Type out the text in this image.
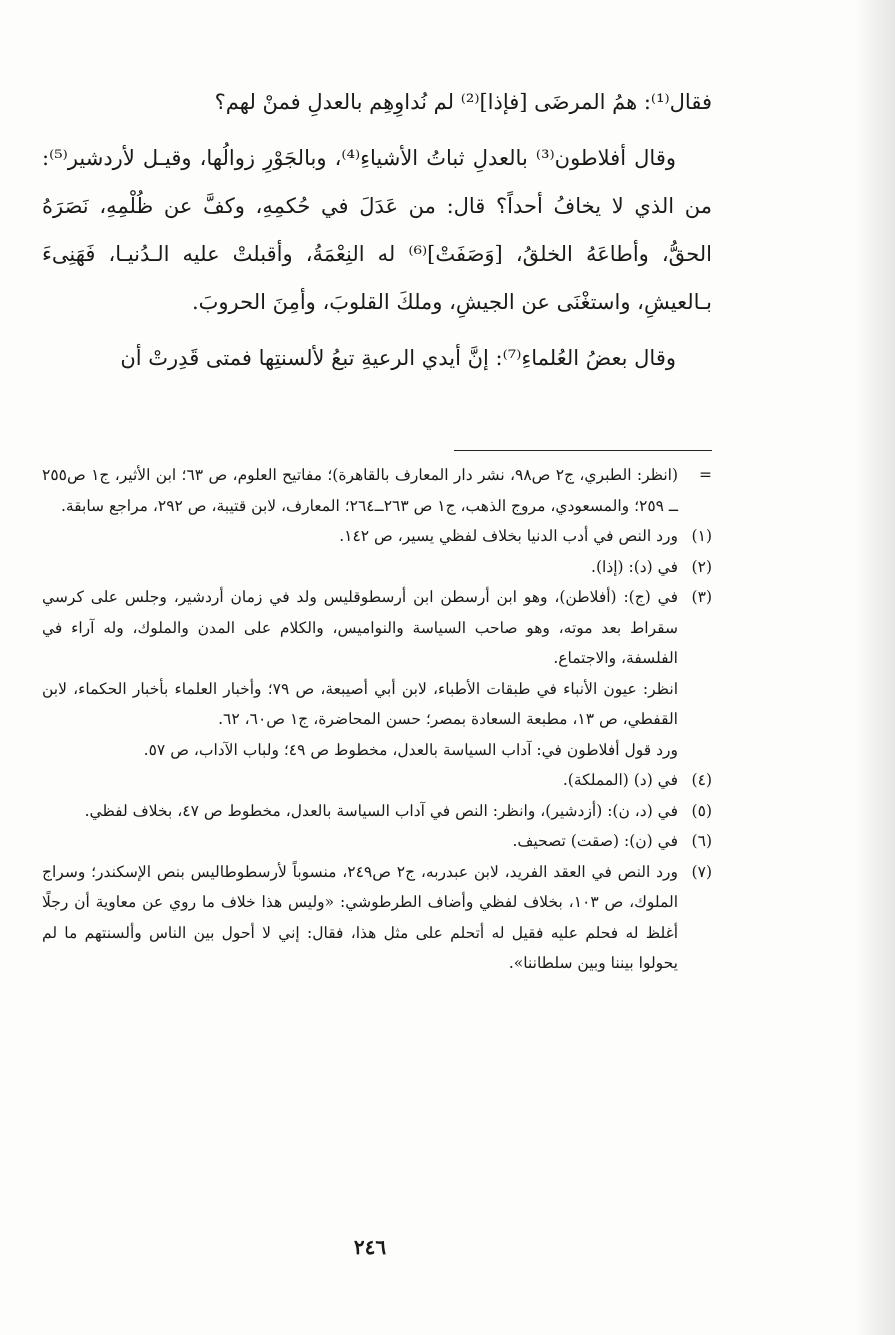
فقال⁽¹⁾: همُ المرضَى [فإذا]⁽²⁾ لم نُداوِهِم بالعدلِ فمنْ لهم؟

وقال أفلاطون⁽³⁾ بالعدلِ ثباتُ الأشياءِ⁽⁴⁾، وبالجَوْرِ زوالُها، وقيـل لأردشير⁽⁵⁾: من الذي لا يخافُ أحداً؟ قال: من عَدَلَ في حُكمِهِ، وكفَّ عن ظُلْمِهِ، نَصَرَهُ الحقُّ، وأطاعَهُ الخلقُ، [وَصَفَتْ]⁽⁶⁾ له النِعْمَةُ، وأقبلتْ عليه الـدُنيـا، فَهَنِىءَ بـالعيشِ، واستغْنَى عن الجيشِ، وملكَ القلوبَ، وأمِنَ الحروبَ.

وقال بعضُ العُلماءِ⁽⁷⁾: إنَّ أيدي الرعيةِ تبعُ لألسنتِها فمتى قَدِرتْ أن

=
(انظر: الطبري، ج٢ ص٩٨، نشر دار المعارف بالقاهرة)؛ مفاتيح العلوم، ص ٦٣؛ ابن الأثير، ج١ ص٢٥٥ ــ ٢٥٩؛ والمسعودي، مروج الذهب، ج١ ص ٢٦٣ــ٢٦٤؛ المعارف، لابن قتيبة، ص ٢٩٢، مراجع سابقة.
(١)
ورد النص في أدب الدنيا بخلاف لفظي يسير، ص ١٤٢.
(٢)
في (د): (إذا).
(٣)

في (ج): (أفلاطن)، وهو ابن أرسطن ابن أرسطوقليس ولد في زمان أردشير، وجلس على كرسي سقراط بعد موته، وهو صاحب السياسة والنواميس، والكلام على المدن والملوك، وله آراء في الفلسفة، والاجتماع.

انظر: عيون الأنباء في طبقات الأطباء، لابن أبي أصيبعة، ص ٧٩؛ وأخبار العلماء بأخبار الحكماء، لابن القفطي، ص ١٣، مطبعة السعادة بمصر؛ حسن المحاضرة، ج١ ص٦٠، ٦٢.

ورد قول أفلاطون في: آداب السياسة بالعدل، مخطوط ص ٤٩؛ ولباب الآداب، ص ٥٧.

(٤)
في (د) (المملكة).
(٥)
في (د، ن): (أزدشير)، وانظر: النص في آداب السياسة بالعدل، مخطوط ص ٤٧، بخلاف لفظي.
(٦)
في (ن): (صقت) تصحيف.
(٧)
ورد النص في العقد الفريد، لابن عبدربه، ج٢ ص٢٤٩، منسوباً لأرسطوطاليس بنص الإسكندر؛ وسراج الملوك، ص ١٠٣، بخلاف لفظي وأضاف الطرطوشي: «وليس هذا خلاف ما روي عن معاوية أن رجلًا أغلظ له فحلم عليه فقيل له أتحلم على مثل هذا، فقال: إني لا أحول بين الناس وألسنتهم ما لم يحولوا بيننا وبين سلطاننا».
٢٤٦
